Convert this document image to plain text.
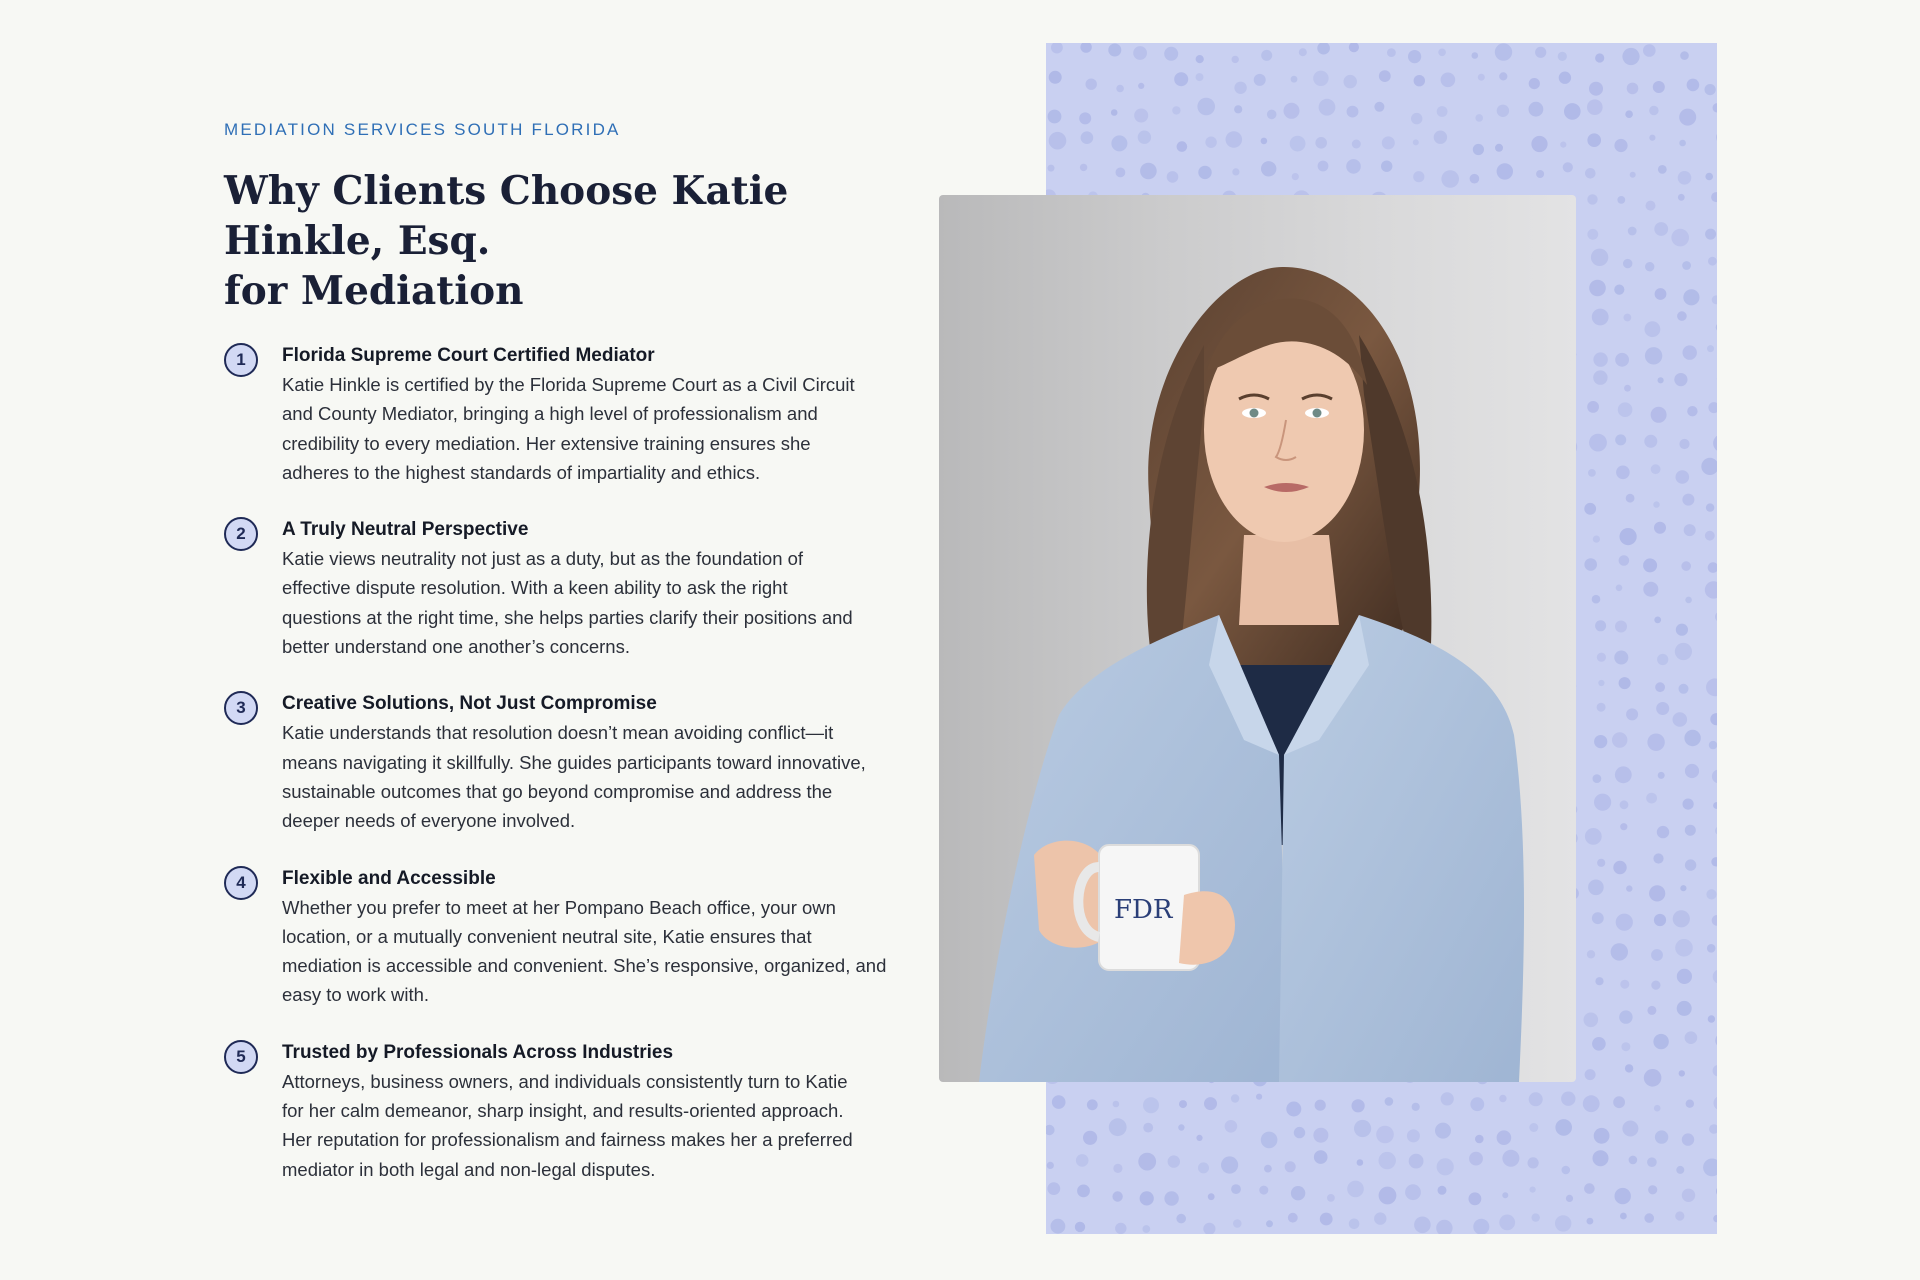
MEDIATION SERVICES SOUTH FLORIDA
Why Clients Choose Katie Hinkle, Esq.
for Mediation
1	Florida Supreme Court Certified Mediator

Katie Hinkle is certified by the Florida Supreme Court as a Civil Circuit
and County Mediator, bringing a high level of professionalism and
credibility to every mediation. Her extensive training ensures she
adheres to the highest standards of impartiality and ethics.

2	A Truly Neutral Perspective

Katie views neutrality not just as a duty, but as the foundation of
effective dispute resolution. With a keen ability to ask the right
questions at the right time, she helps parties clarify their positions and
better understand one another’s concerns.

3	Creative Solutions, Not Just Compromise

Katie understands that resolution doesn’t mean avoiding conflict—it
means navigating it skillfully. She guides participants toward innovative,
sustainable outcomes that go beyond compromise and address the
deeper needs of everyone involved.

4	Flexible and Accessible

Whether you prefer to meet at her Pompano Beach office, your own
location, or a mutually convenient neutral site, Katie ensures that
mediation is accessible and convenient. She’s responsive, organized, and
easy to work with.

5	Trusted by Professionals Across Industries

Attorneys, business owners, and individuals consistently turn to Katie
for her calm demeanor, sharp insight, and results-oriented approach.
Her reputation for professionalism and fairness makes her a preferred
mediator in both legal and non-legal disputes.

FDR
